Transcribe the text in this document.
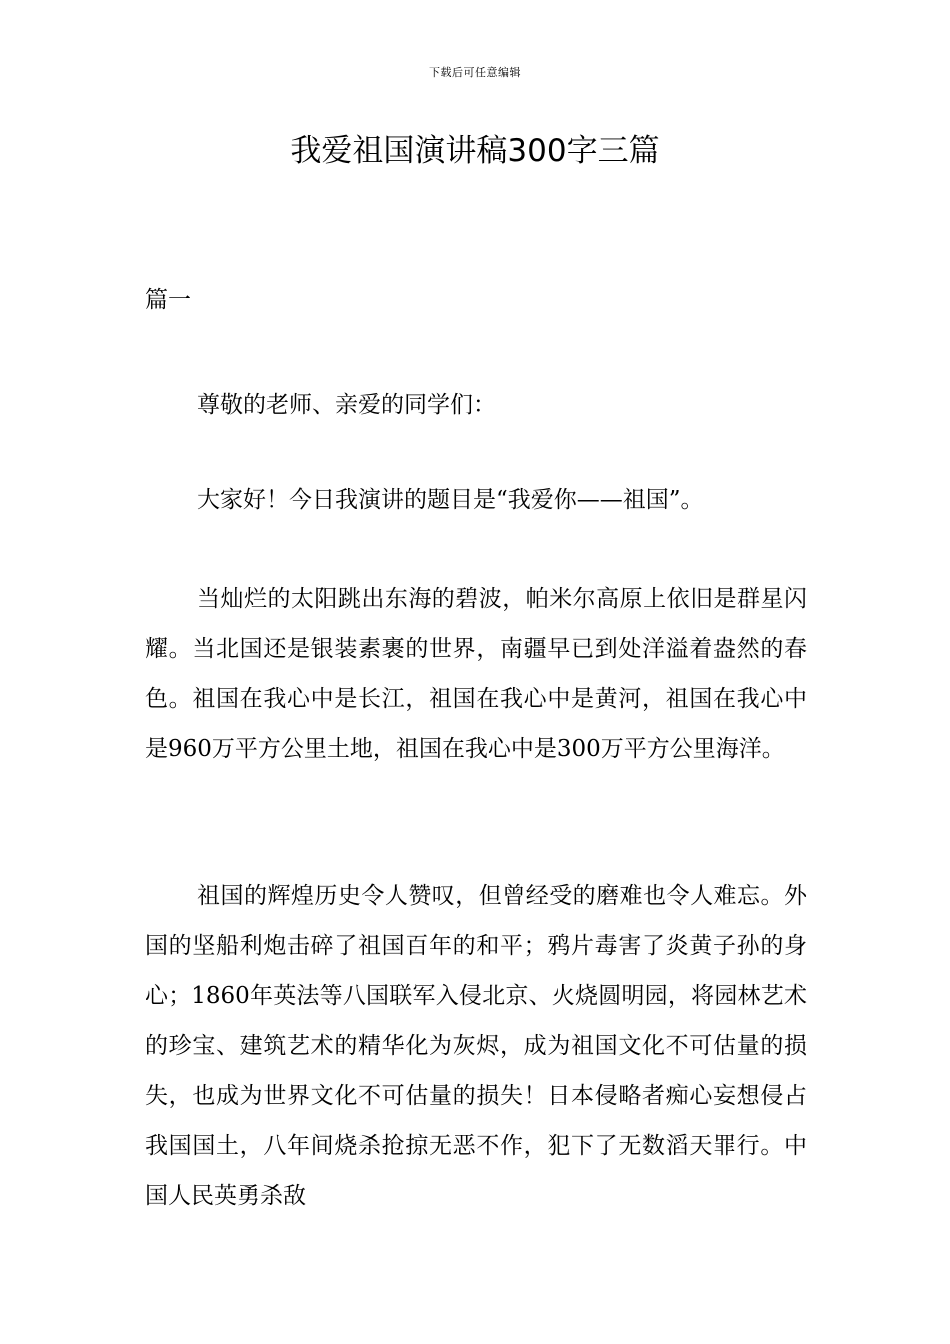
下载后可任意编辑
我爱祖国演讲稿300字三篇
篇一

尊敬的老师、亲爱的同学们：

大家好！今日我演讲的题目是“我爱你——祖国”。

当灿烂的太阳跳出东海的碧波，帕米尔高原上依旧是群星闪耀。当北国还是银装素裹的世界，南疆早已到处洋溢着盎然的春色。祖国在我心中是长江，祖国在我心中是黄河，祖国在我心中是960万平方公里土地，祖国在我心中是300万平方公里海洋。

祖国的辉煌历史令人赞叹，但曾经受的磨难也令人难忘。外国的坚船利炮击碎了祖国百年的和平；鸦片毒害了炎黄子孙的身心；1860年英法等八国联军入侵北京、火烧圆明园，将园林艺术的珍宝、建筑艺术的精华化为灰烬，成为祖国文化不可估量的损失，也成为世界文化不可估量的损失！日本侵略者痴心妄想侵占我国国土，八年间烧杀抢掠无恶不作，犯下了无数滔天罪行。中国人民英勇杀敌
